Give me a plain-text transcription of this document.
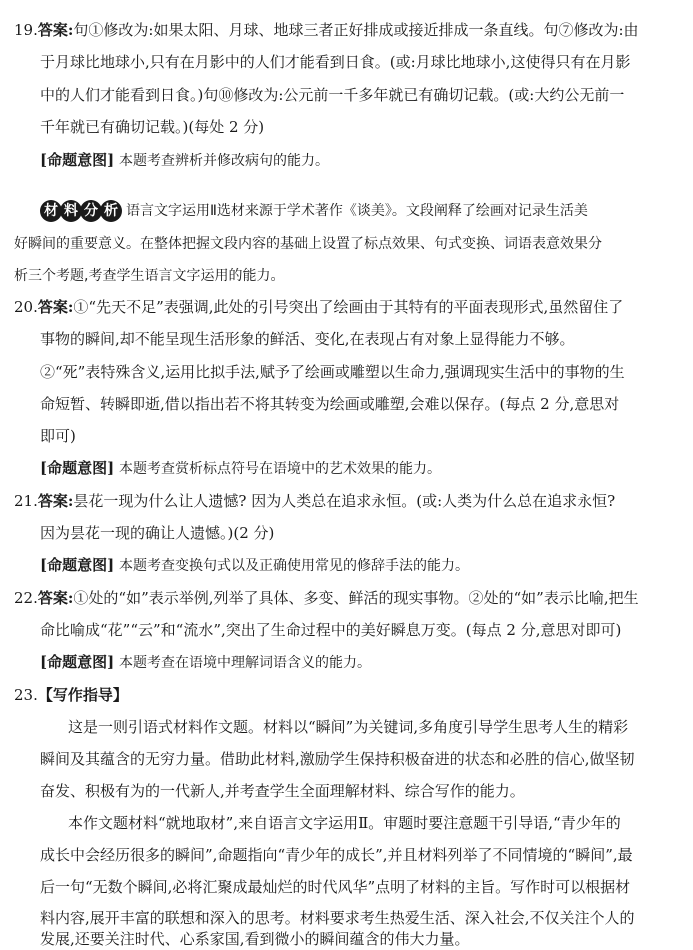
19.答案:句①修改为:如果太阳、月球、地球三者正好排成或接近排成一条直线。句⑦修改为:由
于月球比地球小,只有在月影中的人们才能看到日食。(或:月球比地球小,这使得只有在月影
中的人们才能看到日食。)句⑩修改为:公元前一千多年就已有确切记载。(或:大约公无前一
千年就已有确切记载。)(每处 2 分)
[命题意图] 本题考查辨析并修改病句的能力。
材 料 分 析 语言文字运用Ⅱ选材来源于学术著作《谈美》。文段阐释了绘画对记录生活美
好瞬间的重要意义。在整体把握文段内容的基础上设置了标点效果、句式变换、词语表意效果分
析三个考题,考查学生语言文字运用的能力。
20.答案:①“先天不足”表强调,此处的引号突出了绘画由于其特有的平面表现形式,虽然留住了
事物的瞬间,却不能呈现生活形象的鲜活、变化,在表现占有对象上显得能力不够。
②“死”表特殊含义,运用比拟手法,赋予了绘画或雕塑以生命力,强调现实生活中的事物的生
命短暂、转瞬即逝,借以指出若不将其转变为绘画或雕塑,会难以保存。(每点 2 分,意思对
即可)
[命题意图] 本题考查赏析标点符号在语境中的艺术效果的能力。
21.答案:昙花一现为什么让人遗憾? 因为人类总在追求永恒。(或:人类为什么总在追求永恒?
因为昙花一现的确让人遗憾。)(2 分)
[命题意图] 本题考查变换句式以及正确使用常见的修辞手法的能力。
22.答案:①处的“如”表示举例,列举了具体、多变、鲜活的现实事物。②处的“如”表示比喻,把生
命比喻成“花”“云”和“流水”,突出了生命过程中的美好瞬息万变。(每点 2 分,意思对即可)
[命题意图] 本题考查在语境中理解词语含义的能力。
23.【写作指导】
这是一则引语式材料作文题。材料以“瞬间”为关键词,多角度引导学生思考人生的精彩
瞬间及其蕴含的无穷力量。借助此材料,激励学生保持积极奋进的状态和必胜的信心,做坚韧
奋发、积极有为的一代新人,并考查学生全面理解材料、综合写作的能力。
本作文题材料“就地取材”,来自语言文字运用Ⅱ。审题时要注意题干引导语,“青少年的
成长中会经历很多的瞬间”,命题指向“青少年的成长”,并且材料列举了不同情境的“瞬间”,最
后一句“无数个瞬间,必将汇聚成最灿烂的时代风华”点明了材料的主旨。写作时可以根据材
料内容,展开丰富的联想和深入的思考。材料要求考生热爱生活、深入社会,不仅关注个人的
发展,还要关注时代、心系家国,看到微小的瞬间蕴含的伟大力量。
